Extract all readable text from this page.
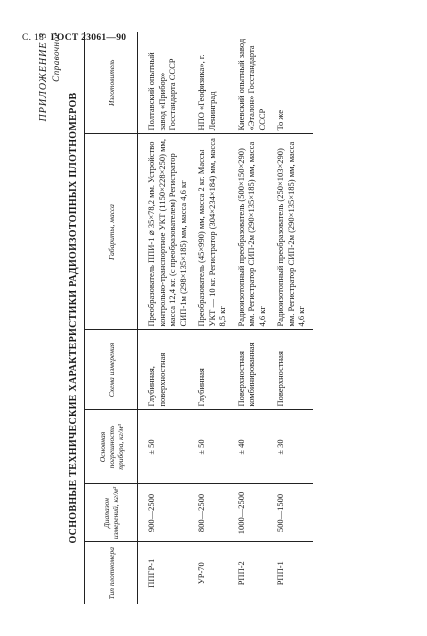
С. 18 ГОСТ 23061—90
ПРИЛОЖЕНИЕ 3 Справочное
ОСНОВНЫЕ ТЕХНИЧЕСКИЕ ХАРАКТЕРИСТИКИ РАДИОИЗОТОПНЫХ ПЛОТНОМЕРОВ
Тип плотномера	Диапазон измерений, кг/м³	Основная погрешность прибора, кг/м³	Схема измерения	Габариты, масса	Изготовитель
ППГР-1	900—2500	± 50	Глубинная, поверхностная	Преобразователь ППИ-1 ⌀ 35×78,2 мм. Устройство контрольно-транспортное УКТ (1150×228×250) мм, масса 12,4 кг. (с преобразователем) Регистратор СИП-1м (298×135×185) мм, масса 4,6 кг	Полтавский опытный завод «Прибор» Госстандарта СССР
УР-70	800—2500	± 50	Глубинная	Преобразователь (45×990) мм, масса 2 кг. Массы УКТ — 10 кг. Регистратор (304×234×184) мм, масса 8,5 кг	НПО «Геофизика», г. Ленинград
РПП-2	1000—2500	± 40	Поверхностная комбинированная	Радиоизотопный преобразователь (500×150×290) мм. Регистратор СИП-2м (290×135×185) мм, масса 4,6 кг	Киевский опытный завод «Эталон» Госстандарта СССР
РПП-1	500—1500	± 30	Поверхностная	Радиоизотопный преобразователь (250×103×290) мм. Регистратор СИП-2м (290×135×185) мм, масса 4,6 кг	То же
